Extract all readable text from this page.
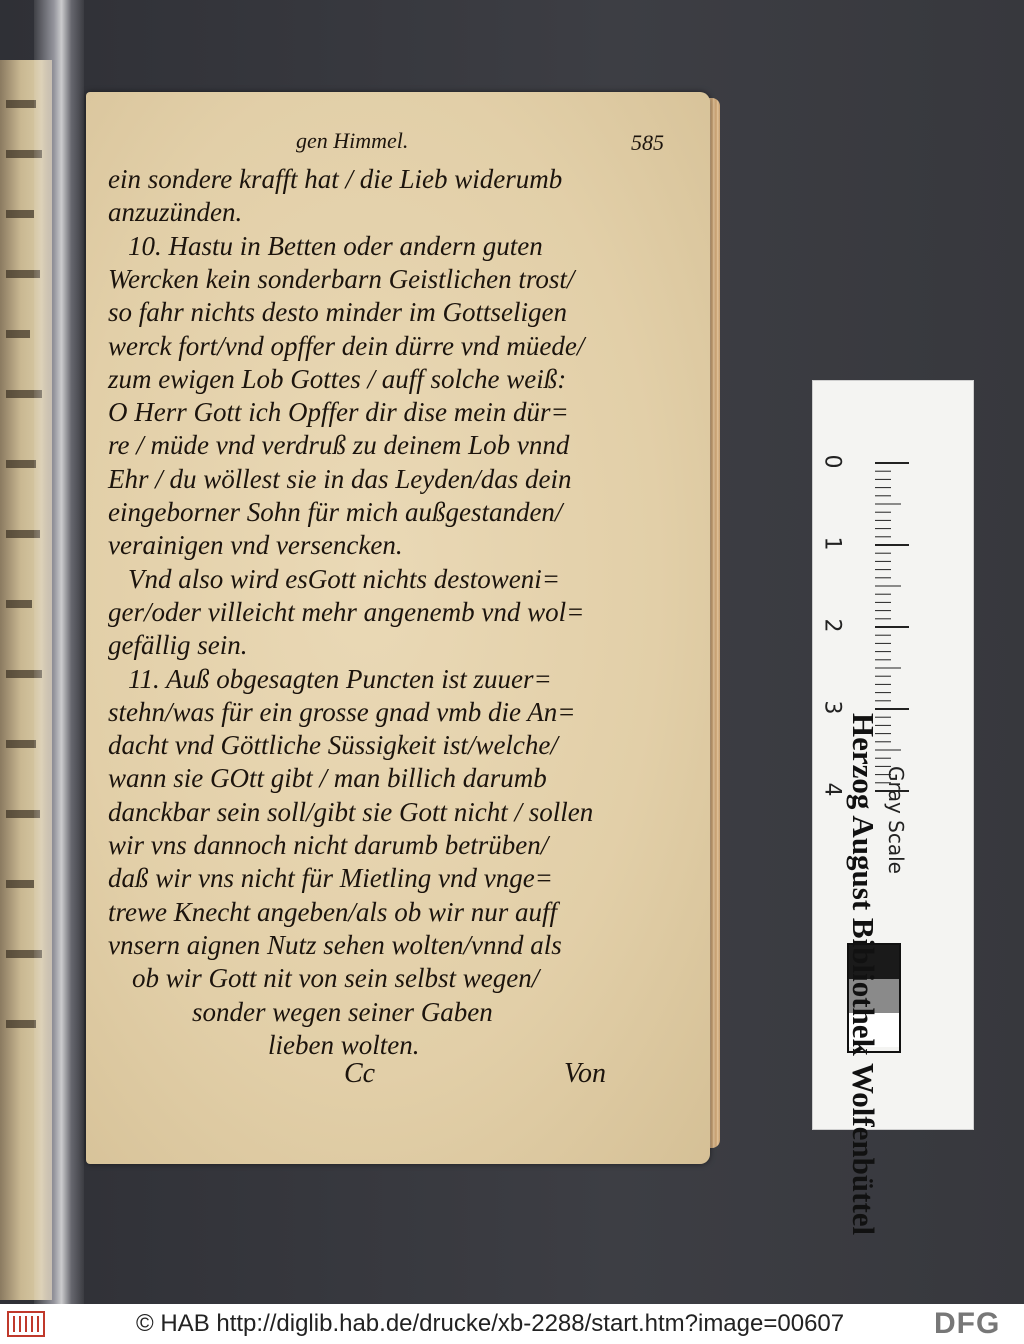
gen Himmel.	585
ein sondere krafft hat / die Lieb widerumb
anzuzünden.
10. Hastu in Betten oder andern guten
Wercken kein sonderbarn Geistlichen trost/
so fahr nichts desto minder im Gottseligen
werck fort/vnd opffer dein dürre vnd müede/
zum ewigen Lob Gottes / auff solche weiß:
O Herr Gott ich Opffer dir dise mein dür=
re / müde vnd verdruß zu deinem Lob vnnd
Ehr / du wöllest sie in das Leyden/das dein
eingeborner Sohn für mich außgestanden/
verainigen vnd versencken.
Vnd also wird esGott nichts destoweni=
ger/oder villeicht mehr angenemb vnd wol=
gefällig sein.
11. Auß obgesagten Puncten ist zuuer=
stehn/was für ein grosse gnad vmb die An=
dacht vnd Göttliche Süssigkeit ist/welche/
wann sie GOtt gibt / man billich darumb
danckbar sein soll/gibt sie Gott nicht / sollen
wir vns dannoch nicht darumb betrüben/
daß wir vns nicht für Mietling vnd vnge=
trewe Knecht angeben/als ob wir nur auff
vnsern aignen Nutz sehen wolten/vnnd als
ob wir Gott nit von sein selbst wegen/
sonder wegen seiner Gaben
lieben wolten.
Cc	Von
0
1
2
3
4	Gray Scale
Herzog August Bibliothek Wolfenbüttel
© HAB http://diglib.hab.de/drucke/xb-2288/start.htm?image=00607	DFG
